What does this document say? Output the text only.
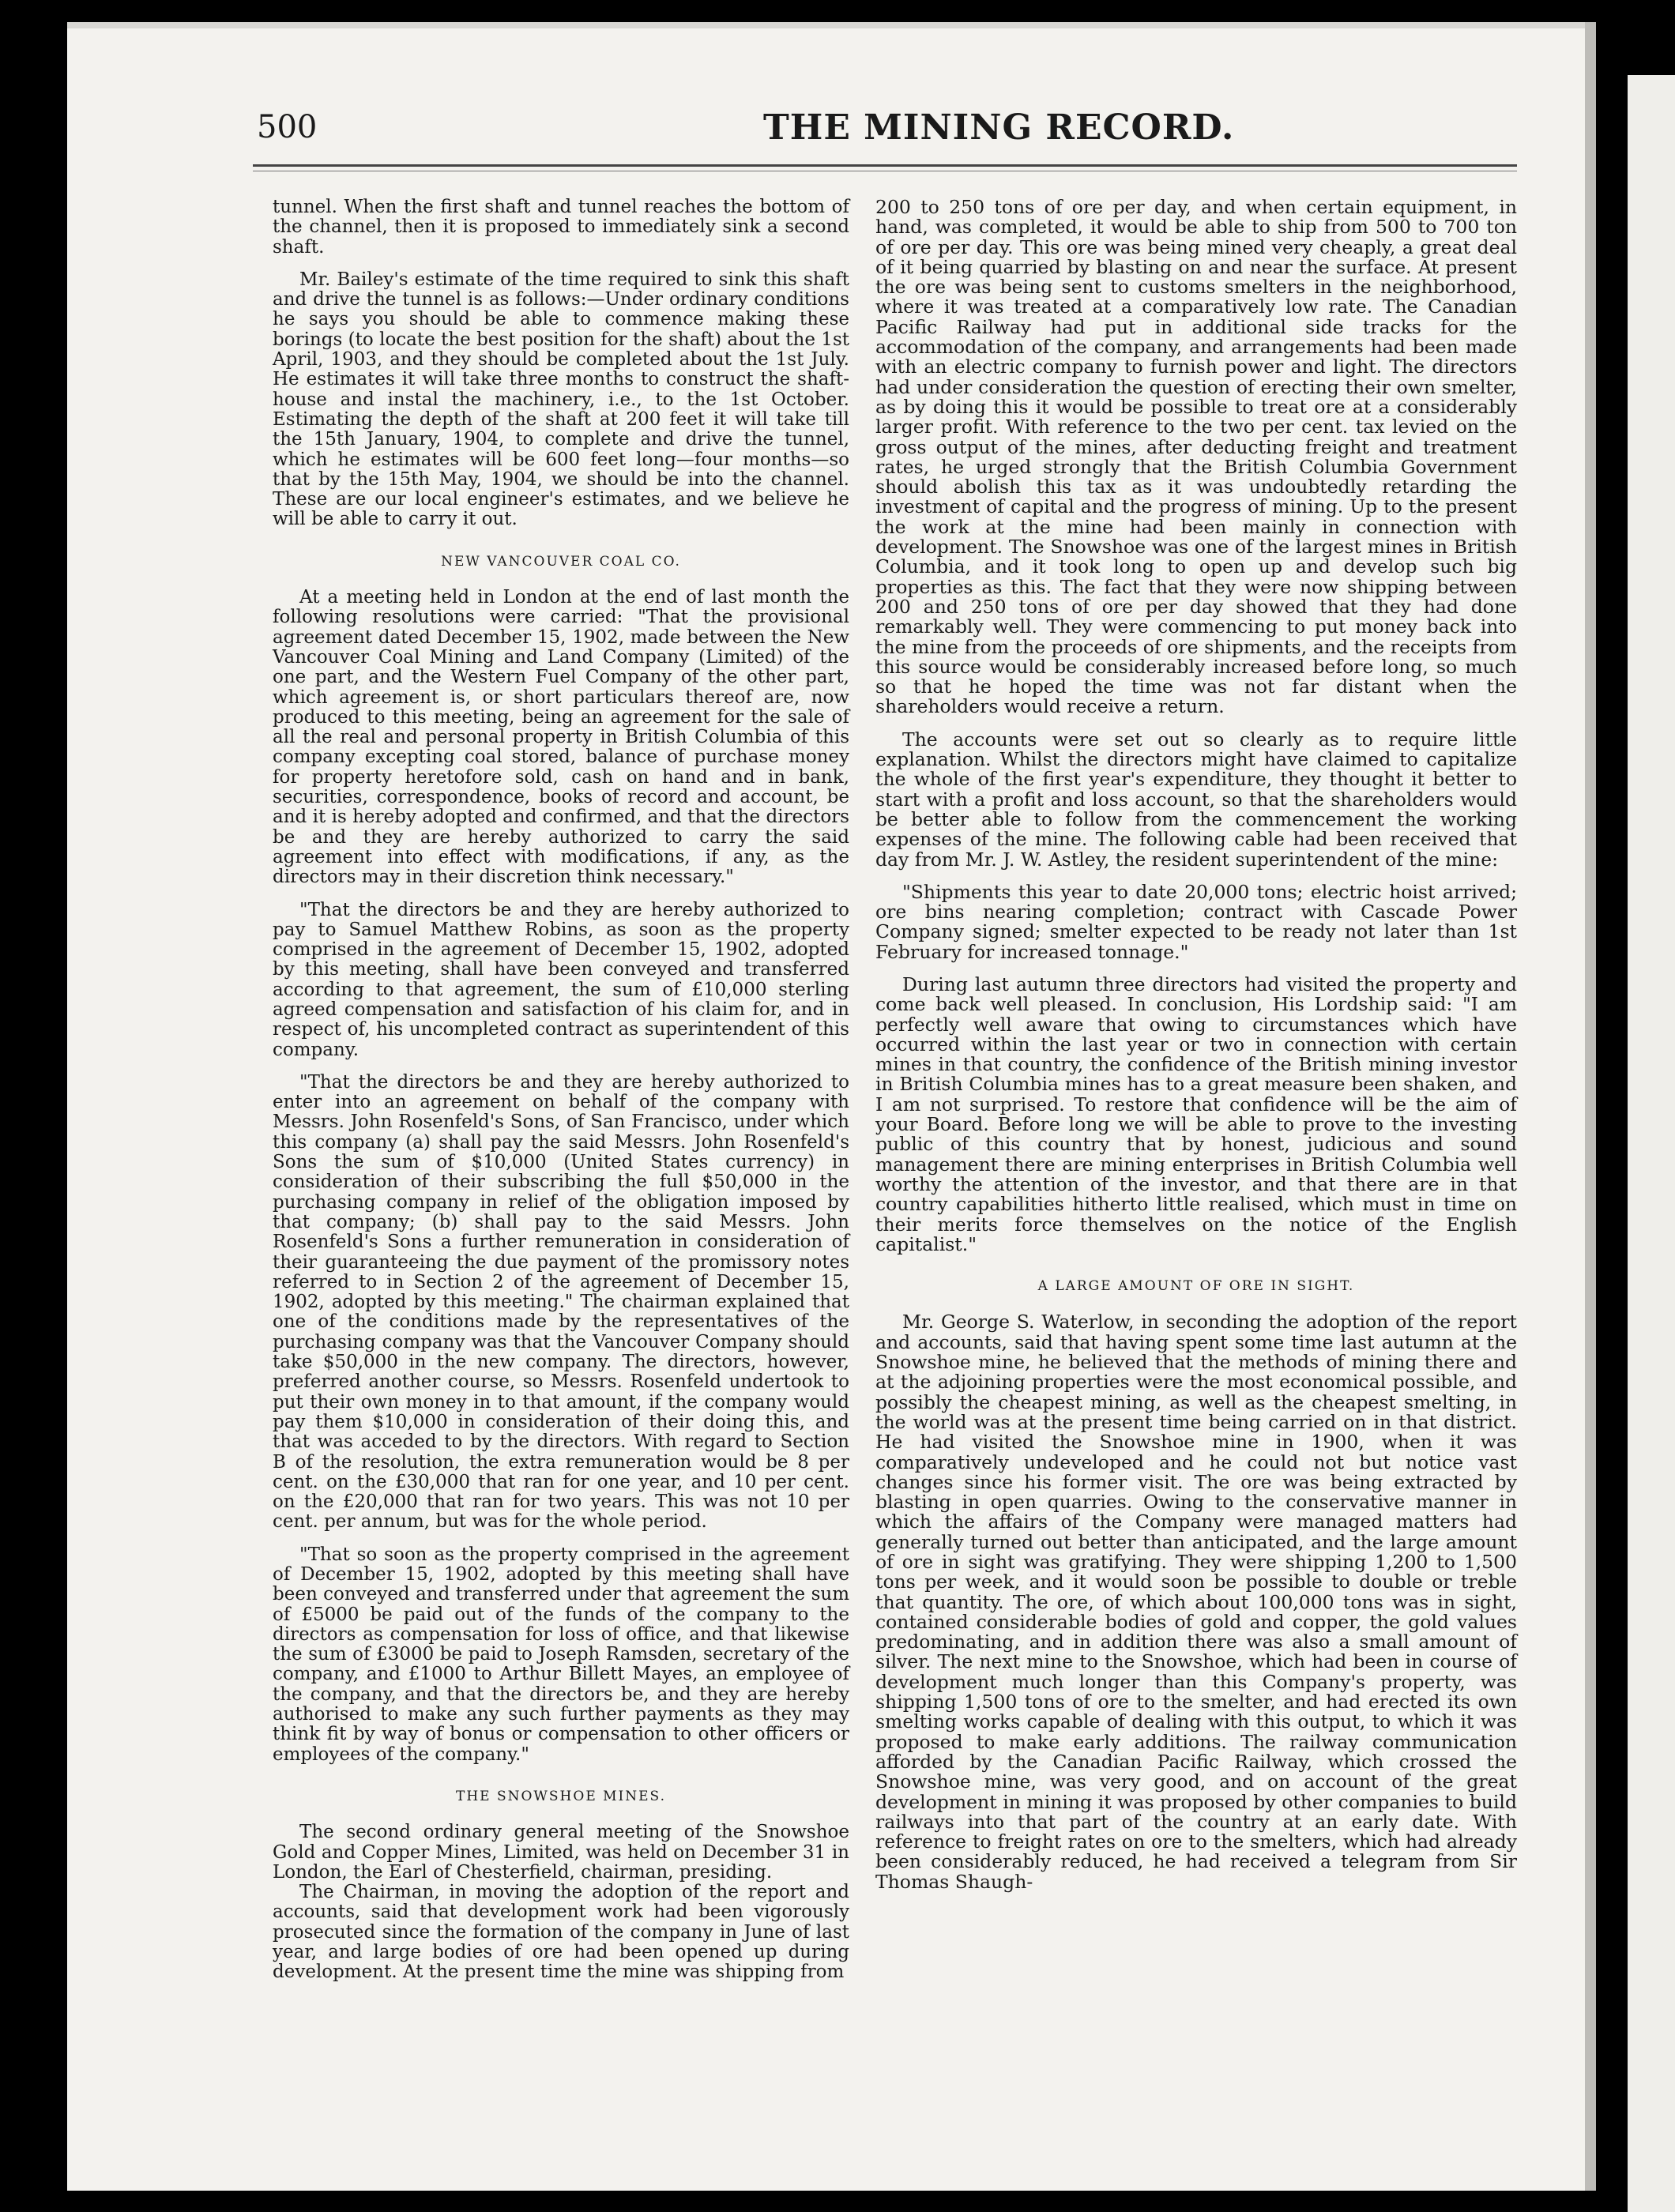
500	THE MINING RECORD.

tunnel. When the first shaft and tunnel reaches the bottom of the channel, then it is proposed to immediately sink a second shaft.

Mr. Bailey's estimate of the time required to sink this shaft and drive the tunnel is as follows:—Under ordinary conditions he says you should be able to commence making these borings (to locate the best position for the shaft) about the 1st April, 1903, and they should be completed about the 1st July. He estimates it will take three months to construct the shaft-house and instal the machinery, i.e., to the 1st October. Estimating the depth of the shaft at 200 feet it will take till the 15th January, 1904, to complete and drive the tunnel, which he estimates will be 600 feet long—four months—so that by the 15th May, 1904, we should be into the channel. These are our local engineer's estimates, and we believe he will be able to carry it out.

NEW VANCOUVER COAL CO.

At a meeting held in London at the end of last month the following resolutions were carried: "That the provisional agreement dated December 15, 1902, made between the New Vancouver Coal Mining and Land Company (Limited) of the one part, and the Western Fuel Company of the other part, which agreement is, or short particulars thereof are, now produced to this meeting, being an agreement for the sale of all the real and personal property in British Columbia of this company excepting coal stored, balance of purchase money for property heretofore sold, cash on hand and in bank, securities, correspondence, books of record and account, be and it is hereby adopted and confirmed, and that the directors be and they are hereby authorized to carry the said agreement into effect with modifications, if any, as the directors may in their discretion think necessary."

"That the directors be and they are hereby authorized to pay to Samuel Matthew Robins, as soon as the property comprised in the agreement of December 15, 1902, adopted by this meeting, shall have been conveyed and transferred according to that agreement, the sum of £10,000 sterling agreed compensation and satisfaction of his claim for, and in respect of, his uncompleted contract as superintendent of this company.

"That the directors be and they are hereby authorized to enter into an agreement on behalf of the company with Messrs. John Rosenfeld's Sons, of San Francisco, under which this company (a) shall pay the said Messrs. John Rosenfeld's Sons the sum of $10,000 (United States currency) in consideration of their subscribing the full $50,000 in the purchasing company in relief of the obligation imposed by that company; (b) shall pay to the said Messrs. John Rosenfeld's Sons a further remuneration in consideration of their guaranteeing the due payment of the promissory notes referred to in Section 2 of the agreement of December 15, 1902, adopted by this meeting." The chairman explained that one of the conditions made by the representatives of the purchasing company was that the Vancouver Company should take $50,000 in the new company. The directors, however, preferred another course, so Messrs. Rosenfeld undertook to put their own money in to that amount, if the company would pay them $10,000 in consideration of their doing this, and that was acceded to by the directors. With regard to Section B of the resolution, the extra remuneration would be 8 per cent. on the £30,000 that ran for one year, and 10 per cent. on the £20,000 that ran for two years. This was not 10 per cent. per annum, but was for the whole period.

"That so soon as the property comprised in the agreement of December 15, 1902, adopted by this meeting shall have been conveyed and transferred under that agreement the sum of £5000 be paid out of the funds of the company to the directors as compensation for loss of office, and that likewise the sum of £3000 be paid to Joseph Ramsden, secretary of the company, and £1000 to Arthur Billett Mayes, an employee of the company, and that the directors be, and they are hereby authorised to make any such further payments as they may think fit by way of bonus or compensation to other officers or employees of the company."

THE SNOWSHOE MINES.

The second ordinary general meeting of the Snowshoe Gold and Copper Mines, Limited, was held on December 31 in London, the Earl of Chesterfield, chairman, presiding.

The Chairman, in moving the adoption of the report and accounts, said that development work had been vigorously prosecuted since the formation of the company in June of last year, and large bodies of ore had been opened up during development. At the present time the mine was shipping from

200 to 250 tons of ore per day, and when certain equipment, in hand, was completed, it would be able to ship from 500 to 700 ton of ore per day. This ore was being mined very cheaply, a great deal of it being quarried by blasting on and near the surface. At present the ore was being sent to customs smelters in the neighborhood, where it was treated at a comparatively low rate. The Canadian Pacific Railway had put in additional side tracks for the accommodation of the company, and arrangements had been made with an electric company to furnish power and light. The directors had under consideration the question of erecting their own smelter, as by doing this it would be possible to treat ore at a considerably larger profit. With reference to the two per cent. tax levied on the gross output of the mines, after deducting freight and treatment rates, he urged strongly that the British Columbia Government should abolish this tax as it was undoubtedly retarding the investment of capital and the progress of mining. Up to the present the work at the mine had been mainly in connection with development. The Snowshoe was one of the largest mines in British Columbia, and it took long to open up and develop such big properties as this. The fact that they were now shipping between 200 and 250 tons of ore per day showed that they had done remarkably well. They were commencing to put money back into the mine from the proceeds of ore shipments, and the receipts from this source would be considerably increased before long, so much so that he hoped the time was not far distant when the shareholders would receive a return.

The accounts were set out so clearly as to require little explanation. Whilst the directors might have claimed to capitalize the whole of the first year's expenditure, they thought it better to start with a profit and loss account, so that the shareholders would be better able to follow from the commencement the working expenses of the mine. The following cable had been received that day from Mr. J. W. Astley, the resident superintendent of the mine:

"Shipments this year to date 20,000 tons; electric hoist arrived; ore bins nearing completion; contract with Cascade Power Company signed; smelter expected to be ready not later than 1st February for increased tonnage."

During last autumn three directors had visited the property and come back well pleased. In conclusion, His Lordship said: "I am perfectly well aware that owing to circumstances which have occurred within the last year or two in connection with certain mines in that country, the confidence of the British mining investor in British Columbia mines has to a great measure been shaken, and I am not surprised. To restore that confidence will be the aim of your Board. Before long we will be able to prove to the investing public of this country that by honest, judicious and sound management there are mining enterprises in British Columbia well worthy the attention of the investor, and that there are in that country capabilities hitherto little realised, which must in time on their merits force themselves on the notice of the English capitalist."

A LARGE AMOUNT OF ORE IN SIGHT.

Mr. George S. Waterlow, in seconding the adoption of the report and accounts, said that having spent some time last autumn at the Snowshoe mine, he believed that the methods of mining there and at the adjoining properties were the most economical possible, and possibly the cheapest mining, as well as the cheapest smelting, in the world was at the present time being carried on in that district. He had visited the Snowshoe mine in 1900, when it was comparatively undeveloped and he could not but notice vast changes since his former visit. The ore was being extracted by blasting in open quarries. Owing to the conservative manner in which the affairs of the Company were managed matters had generally turned out better than anticipated, and the large amount of ore in sight was gratifying. They were shipping 1,200 to 1,500 tons per week, and it would soon be possible to double or treble that quantity. The ore, of which about 100,000 tons was in sight, contained considerable bodies of gold and copper, the gold values predominating, and in addition there was also a small amount of silver. The next mine to the Snowshoe, which had been in course of development much longer than this Company's property, was shipping 1,500 tons of ore to the smelter, and had erected its own smelting works capable of dealing with this output, to which it was proposed to make early additions. The railway communication afforded by the Canadian Pacific Railway, which crossed the Snowshoe mine, was very good, and on account of the great development in mining it was proposed by other companies to build railways into that part of the country at an early date. With reference to freight rates on ore to the smelters, which had already been considerably reduced, he had received a telegram from Sir Thomas Shaugh-
